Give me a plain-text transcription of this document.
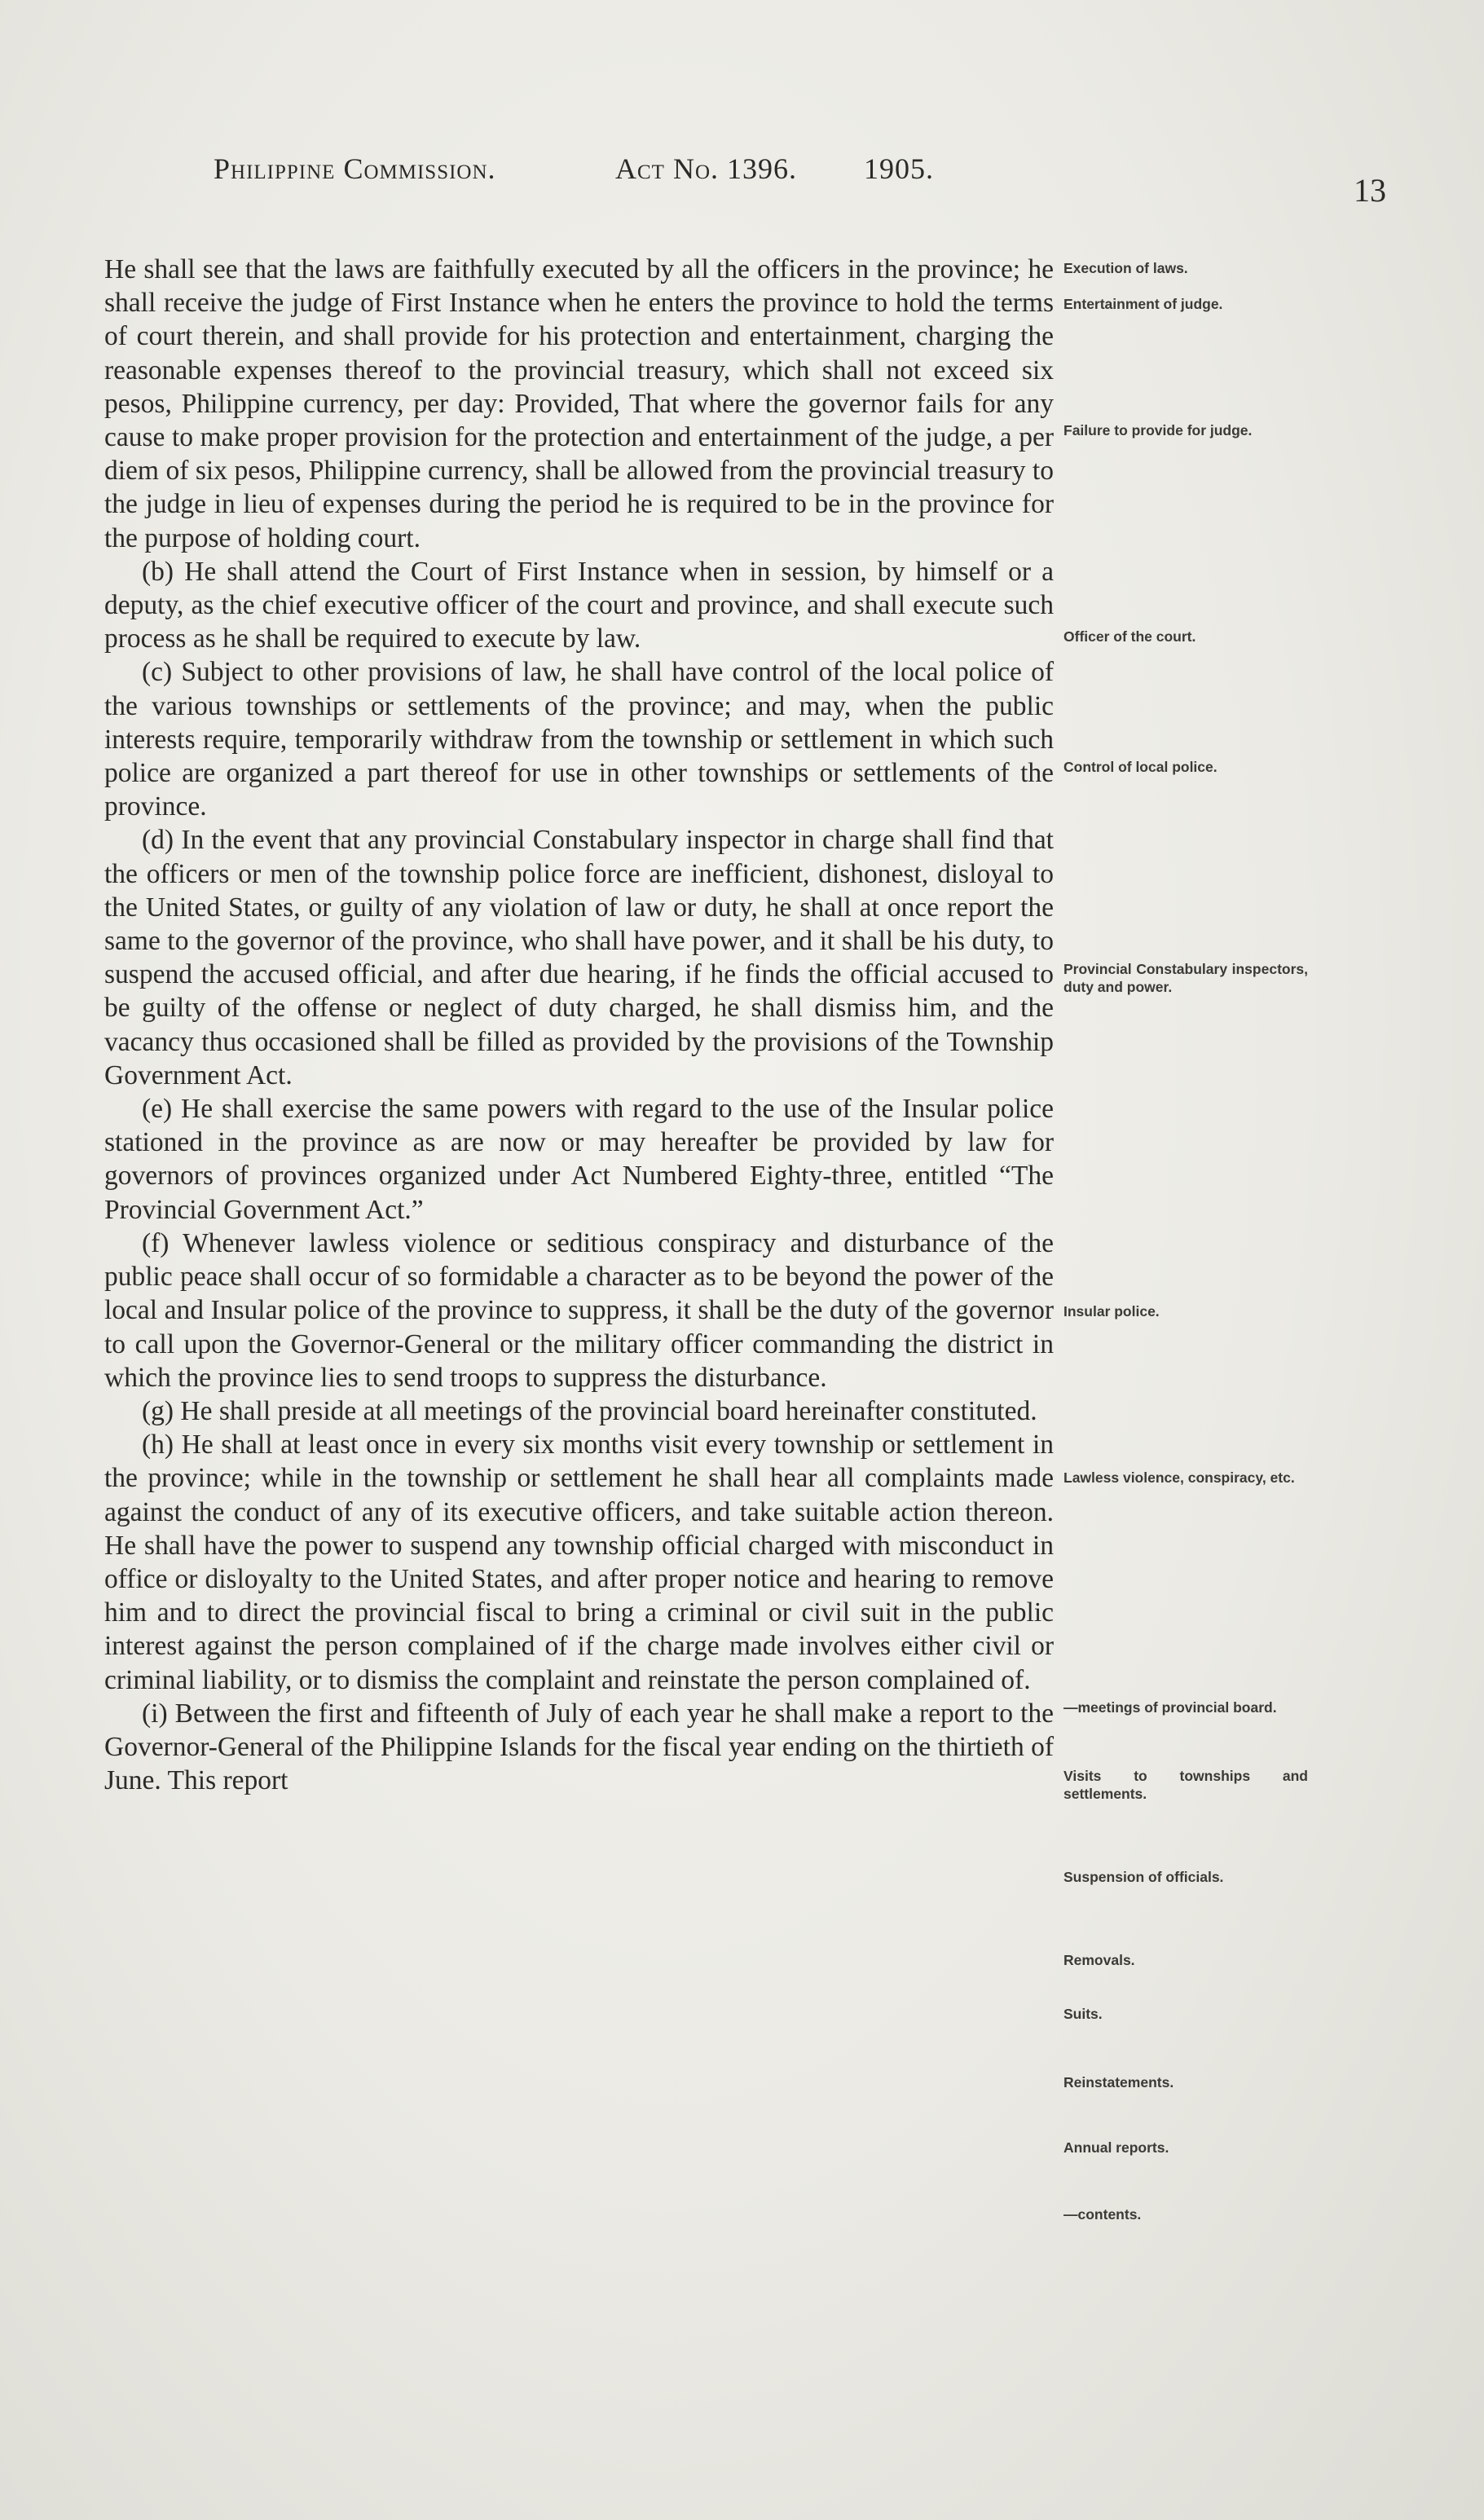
Philippine Commission.	Act No. 1396. 1905.
13

He shall see that the laws are faithfully executed by all the officers in the province; he shall receive the judge of First Instance when he enters the province to hold the terms of court therein, and shall provide for his protection and entertainment, charging the reasonable expenses thereof to the provincial treasury, which shall not exceed six pesos, Philippine currency, per day: Provided, That where the governor fails for any cause to make proper provision for the protection and entertainment of the judge, a per diem of six pesos, Philippine currency, shall be allowed from the provincial treasury to the judge in lieu of expenses during the period he is required to be in the province for the purpose of holding court.

(b) He shall attend the Court of First Instance when in session, by himself or a deputy, as the chief executive officer of the court and province, and shall execute such process as he shall be required to execute by law.

(c) Subject to other provisions of law, he shall have control of the local police of the various townships or settlements of the province; and may, when the public interests require, temporarily withdraw from the township or settlement in which such police are organized a part thereof for use in other townships or settlements of the province.

(d) In the event that any provincial Constabulary inspector in charge shall find that the officers or men of the township police force are inefficient, dishonest, disloyal to the United States, or guilty of any violation of law or duty, he shall at once report the same to the governor of the province, who shall have power, and it shall be his duty, to suspend the accused official, and after due hearing, if he finds the official accused to be guilty of the offense or neglect of duty charged, he shall dismiss him, and the vacancy thus occasioned shall be filled as provided by the provisions of the Township Government Act.

(e) He shall exercise the same powers with regard to the use of the Insular police stationed in the province as are now or may hereafter be provided by law for governors of provinces organized under Act Numbered Eighty-three, entitled “The Provincial Government Act.”

(f) Whenever lawless violence or seditious conspiracy and disturbance of the public peace shall occur of so formidable a character as to be beyond the power of the local and Insular police of the province to suppress, it shall be the duty of the governor to call upon the Governor-General or the military officer commanding the district in which the province lies to send troops to suppress the disturbance.

(g) He shall preside at all meetings of the provincial board hereinafter constituted.

(h) He shall at least once in every six months visit every township or settlement in the province; while in the township or settlement he shall hear all complaints made against the conduct of any of its executive officers, and take suitable action thereon. He shall have the power to suspend any township official charged with misconduct in office or disloyalty to the United States, and after proper notice and hearing to remove him and to direct the provincial fiscal to bring a criminal or civil suit in the public interest against the person complained of if the charge made involves either civil or criminal liability, or to dismiss the complaint and reinstate the person complained of.

(i) Between the first and fifteenth of July of each year he shall make a report to the Governor-General of the Philippine Islands for the fiscal year ending on the thirtieth of June. This report

Execution of laws.
Entertainment of judge.
Failure to provide for judge.
Officer of the court.
Control of local police.
Provincial Constabulary inspectors, duty and power.
Insular police.
Lawless violence, conspiracy, etc.
—meetings of provincial board.
Visits to townships and settlements.
Suspension of officials.
Removals.
Suits.
Reinstatements.
Annual reports.
—contents.
